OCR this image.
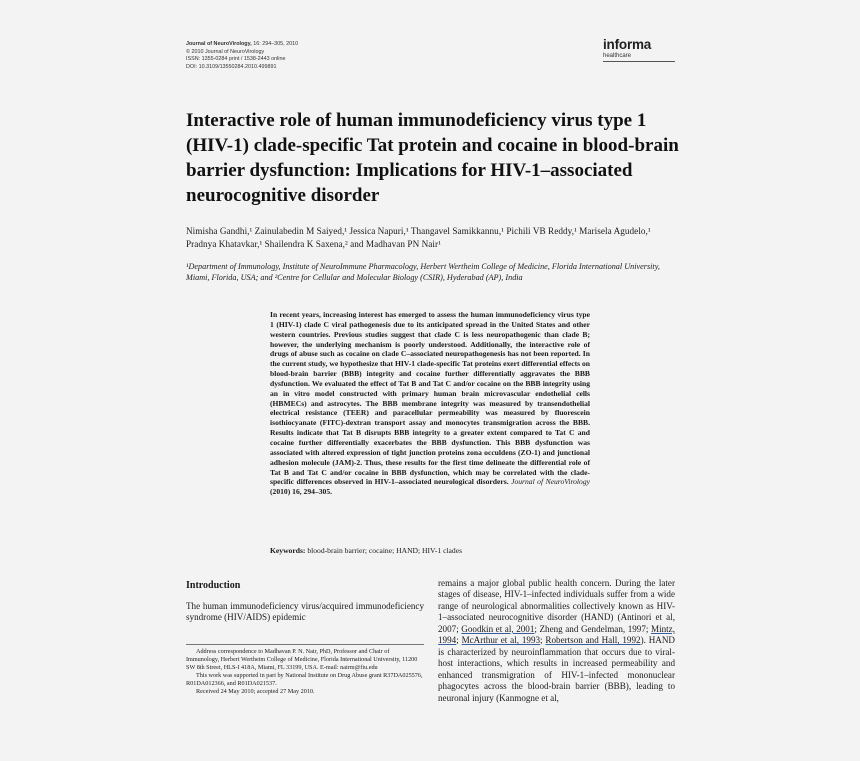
Journal of NeuroVirology, 16: 294–305, 2010
© 2010 Journal of NeuroVirology
ISSN: 1355-0284 print / 1538-2443 online
DOI: 10.3109/13550284.2010.499891
informa
healthcare
Interactive role of human immunodeficiency virus type 1 (HIV-1) clade-specific Tat protein and cocaine in blood-brain barrier dysfunction: Implications for HIV-1–associated neurocognitive disorder
Nimisha Gandhi,¹ Zainulabedin M Saiyed,¹ Jessica Napuri,¹ Thangavel Samikkannu,¹ Pichili VB Reddy,¹ Marisela Agudelo,¹ Pradnya Khatavkar,¹ Shailendra K Saxena,² and Madhavan PN Nair¹
¹Department of Immunology, Institute of NeuroImmune Pharmacology, Herbert Wertheim College of Medicine, Florida International University, Miami, Florida, USA; and ²Centre for Cellular and Molecular Biology (CSIR), Hyderabad (AP), India
In recent years, increasing interest has emerged to assess the human immunodeficiency virus type 1 (HIV-1) clade C viral pathogenesis due to its anticipated spread in the United States and other western countries. Previous studies suggest that clade C is less neuropathogenic than clade B; however, the underlying mechanism is poorly understood. Additionally, the interactive role of drugs of abuse such as cocaine on clade C–associated neuropathogenesis has not been reported. In the current study, we hypothesize that HIV-1 clade-specific Tat proteins exert differential effects on blood-brain barrier (BBB) integrity and cocaine further differentially aggravates the BBB dysfunction. We evaluated the effect of Tat B and Tat C and/or cocaine on the BBB integrity using an in vitro model constructed with primary human brain microvascular endothelial cells (HBMECs) and astrocytes. The BBB membrane integrity was measured by transendothelial electrical resistance (TEER) and paracellular permeability was measured by fluorescein isothiocyanate (FITC)-dextran transport assay and monocytes transmigration across the BBB. Results indicate that Tat B disrupts BBB integrity to a greater extent compared to Tat C and cocaine further differentially exacerbates the BBB dysfunction. This BBB dysfunction was associated with altered expression of tight junction proteins zona occuldens (ZO-1) and junctional adhesion molecule (JAM)-2. Thus, these results for the first time delineate the differential role of Tat B and Tat C and/or cocaine in BBB dysfunction, which may be correlated with the clade-specific differences observed in HIV-1–associated neurological disorders. Journal of NeuroVirology (2010) 16, 294–305.
Keywords: blood-brain barrier; cocaine; HAND; HIV-1 clades
Introduction
The human immunodeficiency virus/acquired immunodeficiency syndrome (HIV/AIDS) epidemic

Address correspondence to Madhavan P. N. Nair, PhD, Professor and Chair of Immunology, Herbert Wertheim College of Medicine, Florida International University, 11200 SW 8th Street, HLS-I 418A, Miami, FL 33199, USA. E-mail: nairm@fiu.edu

This work was supported in part by National Institute on Drug Abuse grant R37DA025576, R01DA012366, and R01DA021537.

Received 24 May 2010; accepted 27 May 2010.

remains a major global public health concern. During the later stages of disease, HIV-1–infected individuals suffer from a wide range of neurological abnormalities collectively known as HIV-1–associated neurocognitive disorder (HAND) (Antinori et al, 2007; Goodkin et al, 2001; Zheng and Gendelman, 1997; Mintz, 1994; McArthur et al, 1993; Robertson and Hall, 1992). HAND is characterized by neuroinflammation that occurs due to viral-host interactions, which results in increased permeability and enhanced transmigration of HIV-1–infected mononuclear phagocytes across the blood-brain barrier (BBB), leading to neuronal injury (Kanmogne et al,
